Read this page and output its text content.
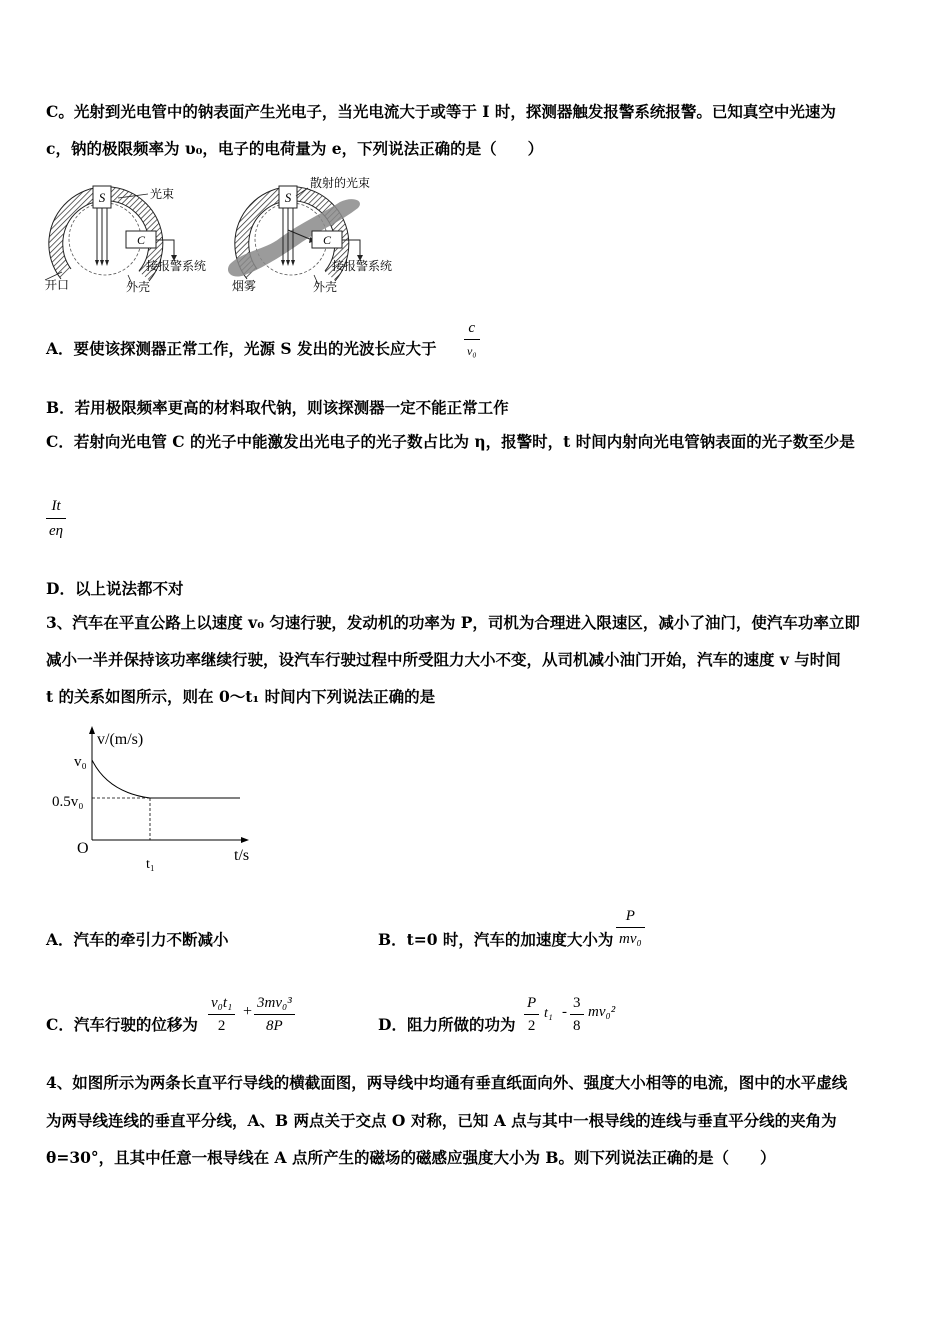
C。光射到光电管中的钠表面产生光电子，当光电流大于或等于 I 时，探测器触发报警系统报警。已知真空中光速为
c，钠的极限频率为 υ₀，电子的电荷量为 e，下列说法正确的是（　　）
S
C
光束
接报警系统
开口	外壳
S
C
散射的光束
接报警系统
烟雾	外壳
A．要使该探测器正常工作，光源 S 发出的光波长应大于
c
ν₀
B．若用极限频率更高的材料取代钠，则该探测器一定不能正常工作
C．若射向光电管 C 的光子中能激发出光电子的光子数占比为 η，报警时，t 时间内射向光电管钠表面的光子数至少是
$\frac{It}{e\eta}$
D．以上说法都不对
3、汽车在平直公路上以速度 v₀ 匀速行驶，发动机的功率为 P，司机为合理进入限速区，减小了油门，使汽车功率立即
减小一半并保持该功率继续行驶，设汽车行驶过程中所受阻力大小不变，从司机减小油门开始，汽车的速度 v 与时间
t 的关系如图所示，则在 0～t₁ 时间内下列说法正确的是
v/(m/s)
t/s
O
v₀
0.5v₀
t₁
A．汽车的牵引力不断减小	B．t=0 时，汽车的加速度大小为 $\frac{P}{\text{mv₀}}$
C．汽车行驶的位移为 $\frac{\text{v₀t₁}}{2} + \frac{\text{3mv₀³}}{8P}$	D．阻力所做的功为 $\frac{P}{2} t_1 - \frac{3}{8} mv_0^2$
4、如图所示为两条长直平行导线的横截面图，两导线中均通有垂直纸面向外、强度大小相等的电流，图中的水平虚线
为两导线连线的垂直平分线，A、B 两点关于交点 O 对称，已知 A 点与其中一根导线的连线与垂直平分线的夹角为
θ=30°，且其中任意一根导线在 A 点所产生的磁场的磁感应强度大小为 B。则下列说法正确的是（　　）
